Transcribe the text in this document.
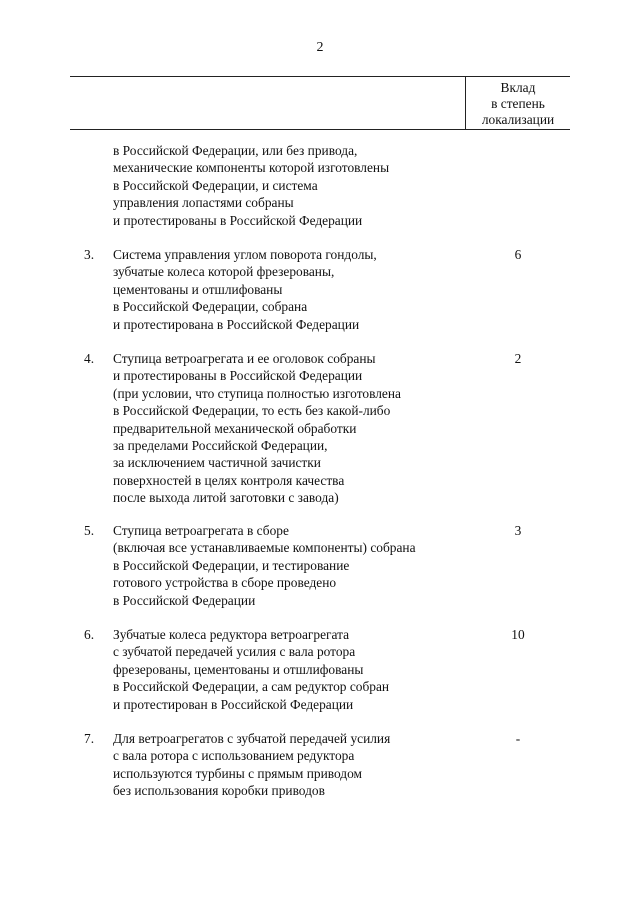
2
Вклад
в степень
локализации
в Российской Федерации, или без привода,
механические компоненты которой изготовлены
в Российской Федерации, и система
управления лопастями собраны
и протестированы в Российской Федерации
3. Система управления углом поворота гондолы,
зубчатые колеса которой фрезерованы,
цементованы и отшлифованы
в Российской Федерации, собрана
и протестирована в Российской Федерации
6
4. Ступица ветроагрегата и ее оголовок собраны
и протестированы в Российской Федерации
(при условии, что ступица полностью изготовлена
в Российской Федерации, то есть без какой-либо
предварительной механической обработки
за пределами Российской Федерации,
за исключением частичной зачистки
поверхностей в целях контроля качества
после выхода литой заготовки с завода)
2
5. Ступица ветроагрегата в сборе
(включая все устанавливаемые компоненты) собрана
в Российской Федерации, и тестирование
готового устройства в сборе проведено
в Российской Федерации
3
6. Зубчатые колеса редуктора ветроагрегата
с зубчатой передачей усилия с вала ротора
фрезерованы, цементованы и отшлифованы
в Российской Федерации, а сам редуктор собран
и протестирован в Российской Федерации
10
7. Для ветроагрегатов с зубчатой передачей усилия
с вала ротора с использованием редуктора
используются турбины с прямым приводом
без использования коробки приводов
-
